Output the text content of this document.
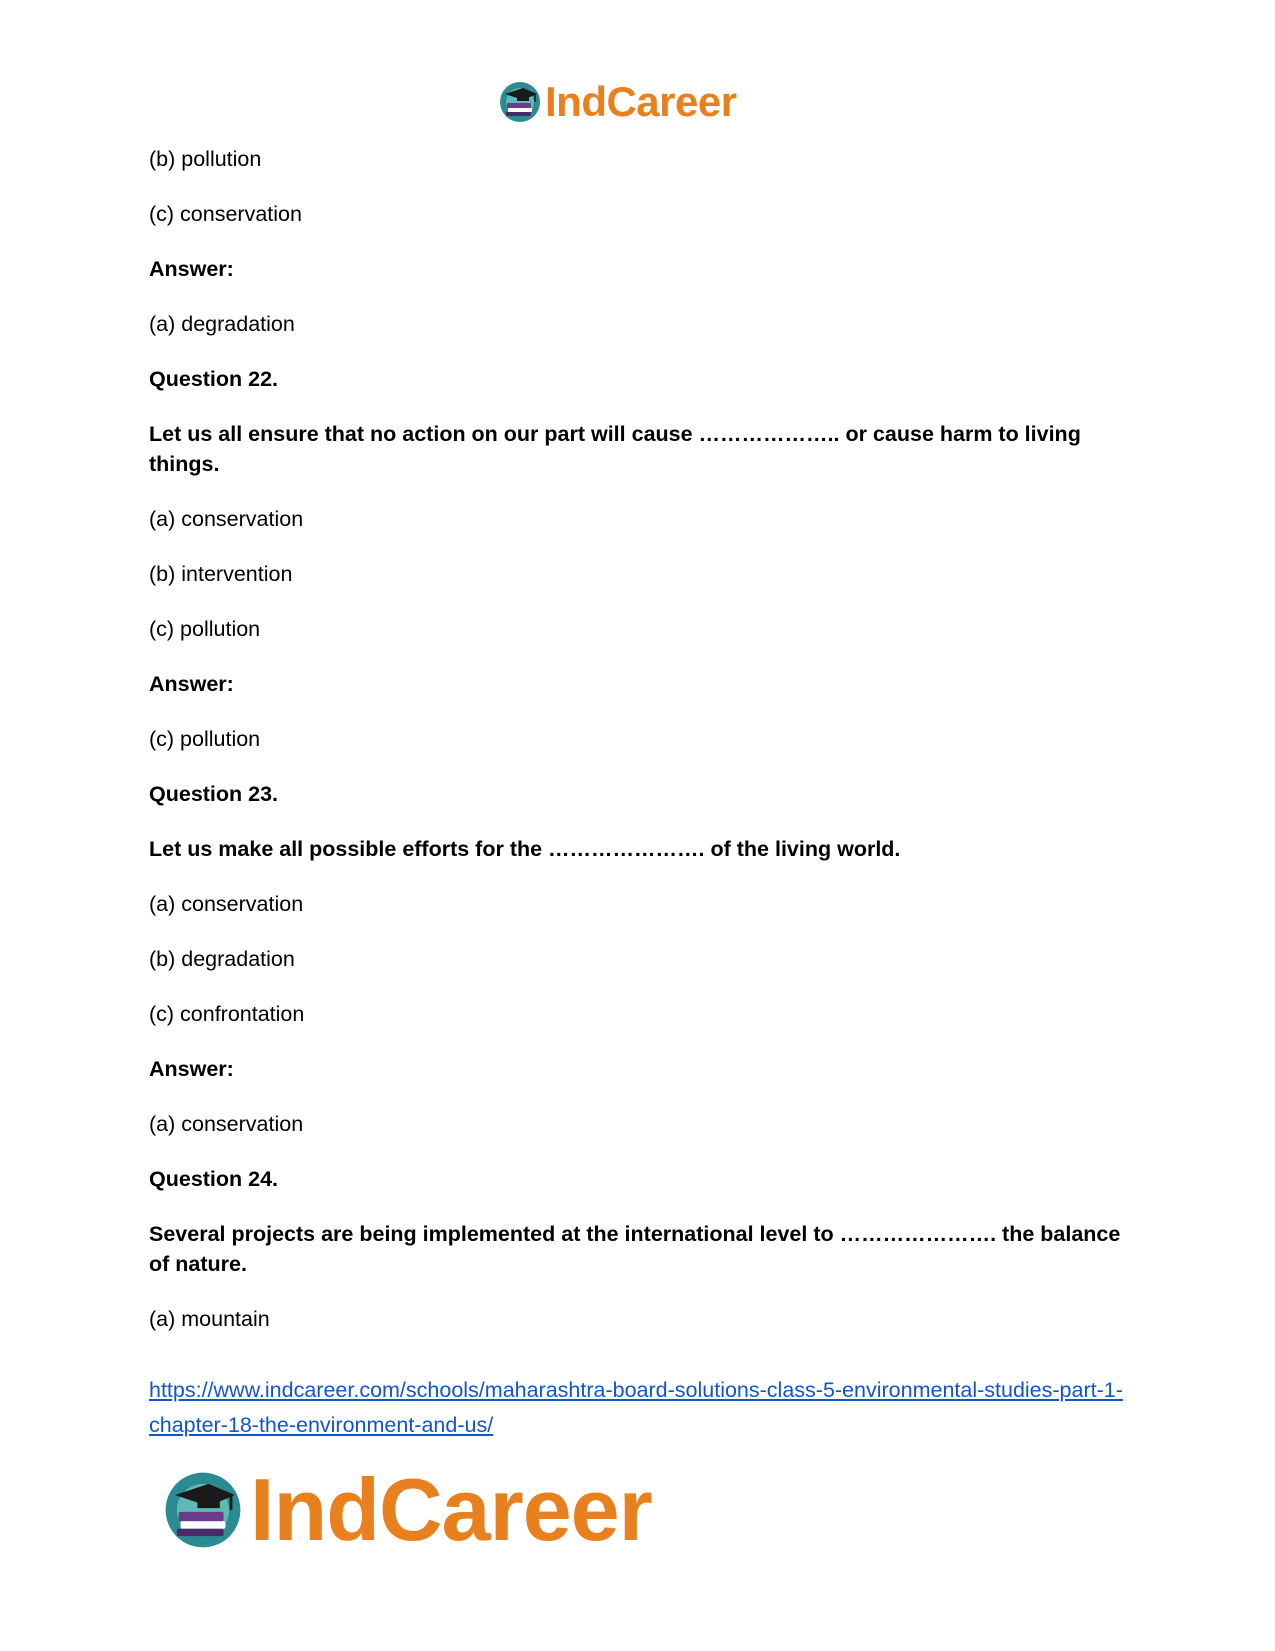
IndCareer

(b) pollution

(c) conservation

Answer:

(a) degradation

Question 22.

Let us all ensure that no action on our part will cause ……………….. or cause harm to living things.

(a) conservation

(b) intervention

(c) pollution

Answer:

(c) pollution

Question 23.

Let us make all possible efforts for the …………………. of the living world.

(a) conservation

(b) degradation

(c) confrontation

Answer:

(a) conservation

Question 24.

Several projects are being implemented at the international level to …………………. the balance of nature.

(a) mountain

https://www.indcareer.com/schools/maharashtra-board-solutions-class-5-environmental-studies-part-1-chapter-18-the-environment-and-us/
IndCareer
